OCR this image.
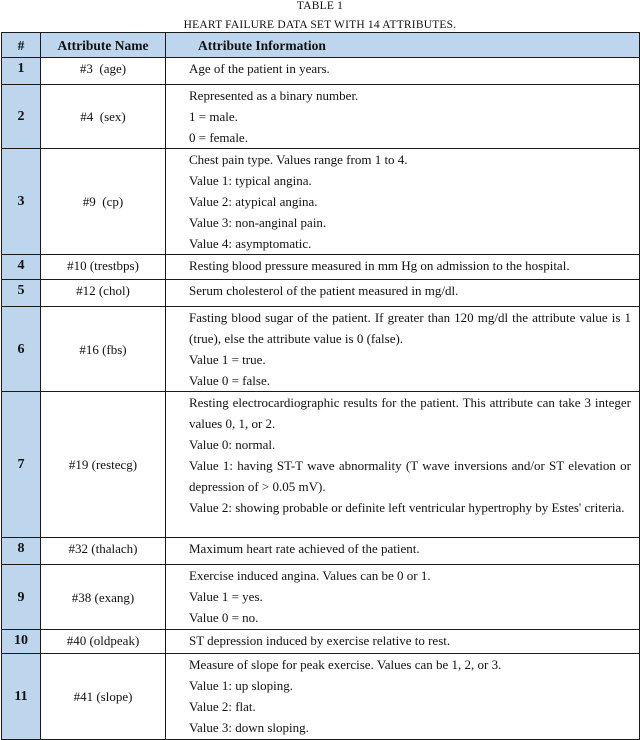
TABLE 1
HEART FAILURE DATA SET WITH 14 ATTRIBUTES.
#	Attribute Name	Attribute Information
1	#3  (age)	Age of the patient in years.

2	#4  (sex)	Represented as a binary number.
1 = male.
0 = female.

3	#9  (cp)	Chest pain type. Values range from 1 to 4.
Value 1: typical angina.
Value 2: atypical angina.
Value 3: non-anginal pain.
Value 4: asymptomatic.

4	#10 (trestbps)	Resting blood pressure measured in mm Hg on admission to the hospital.

5	#12 (chol)	Serum cholesterol of the patient measured in mg/dl.

6	#16 (fbs)	Fasting blood sugar of the patient. If greater than 120 mg/dl the attribute value is 1 (true), else the attribute value is 0 (false).
Value 1 = true.
Value 0 = false.

7	#19 (restecg)	Resting electrocardiographic results for the patient. This attribute can take 3 integer values 0, 1, or 2.
Value 0: normal.
Value 1: having ST-T wave abnormality (T wave inversions and/or ST elevation or depression of > 0.05 mV).
Value 2: showing probable or definite left ventricular hypertrophy by Estes' criteria.

8	#32 (thalach)	Maximum heart rate achieved of the patient.

9	#38 (exang)	Exercise induced angina. Values can be 0 or 1.
Value 1 = yes.
Value 0 = no.

10	#40 (oldpeak)	ST depression induced by exercise relative to rest.

11	#41 (slope)	Measure of slope for peak exercise. Values can be 1, 2, or 3.
Value 1: up sloping.
Value 2: flat.
Value 3: down sloping.
